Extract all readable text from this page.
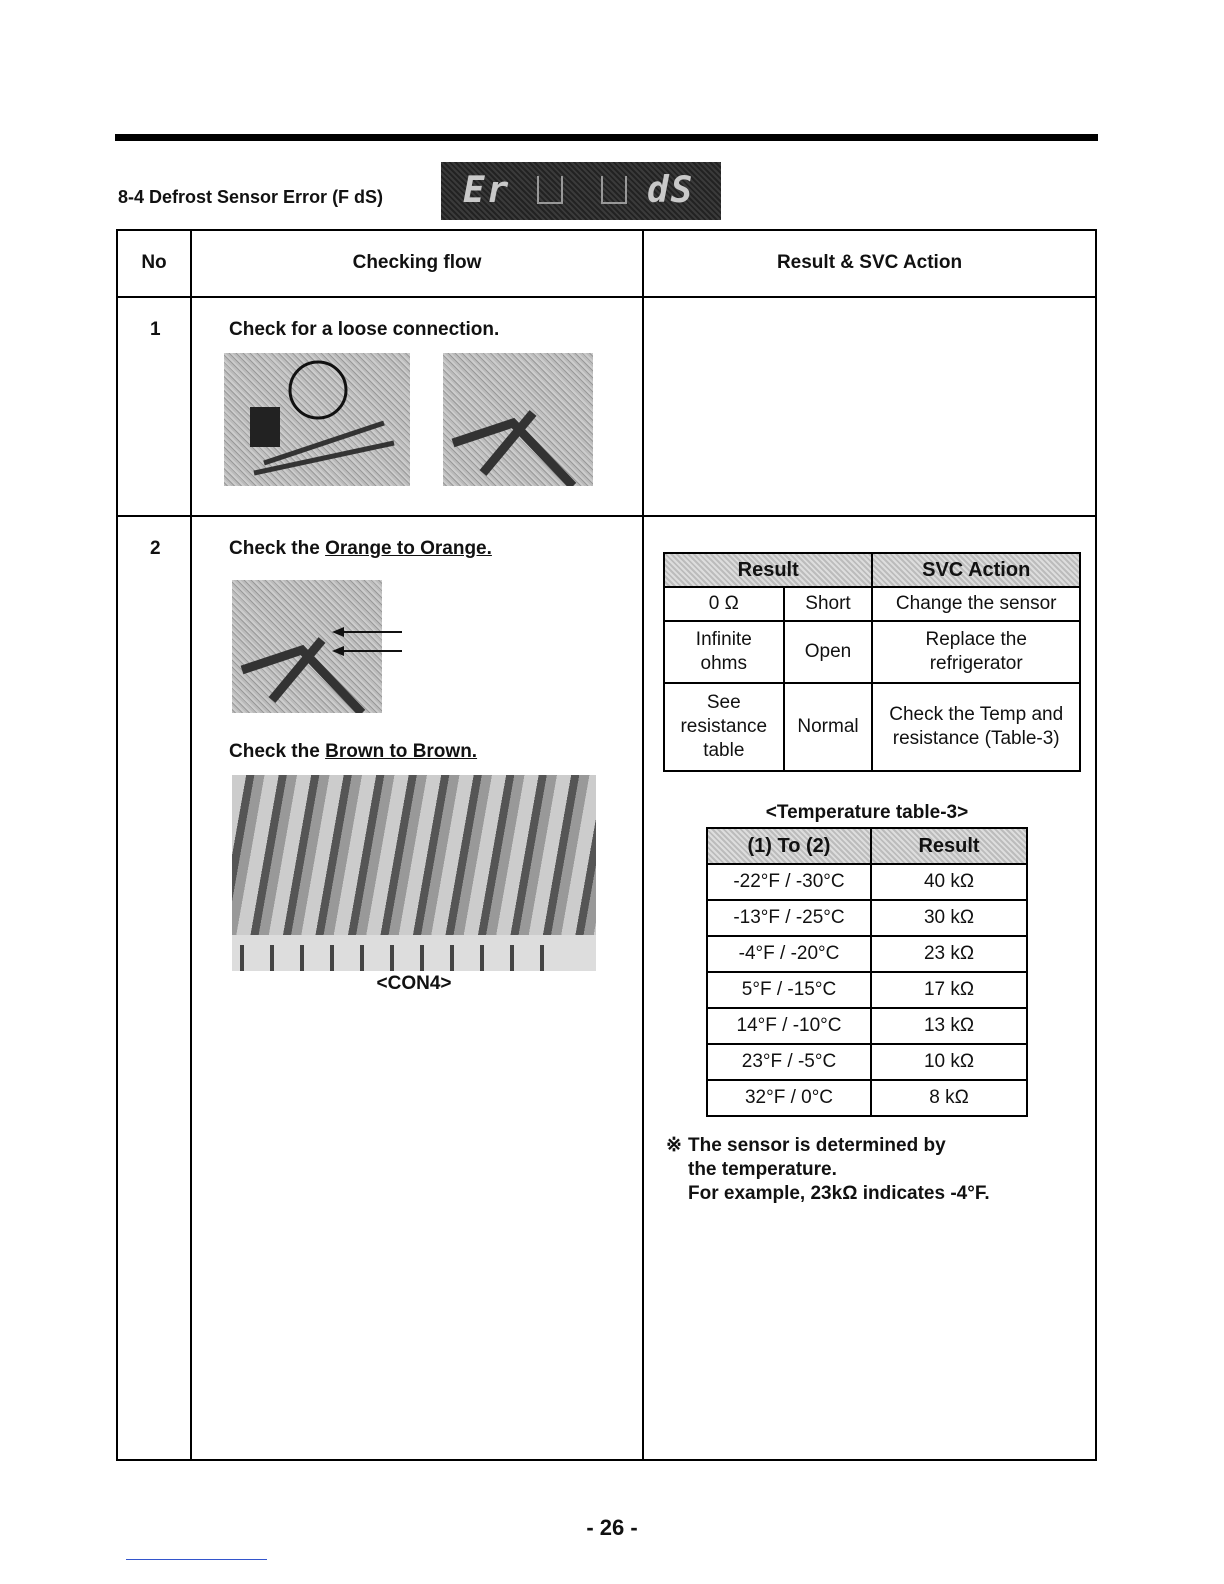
8-4 Defrost Sensor Error (F dS) Er	dS
No	Checking flow	Result & SVC Action
1	Check for a loose connection.
2	Check the Orange to Orange.
Check the Brown to Brown.
<CON4>
Result		SVC Action
0 Ω	Short	Change the sensor
Infinite
ohms	Open	Replace the
refrigerator
See
resistance
table	Normal	Check the Temp and
resistance (Table-3)
<Temperature table-3>
(1) To (2)	Result
-22°F / -30°C	40 kΩ
-13°F / -25°C	30 kΩ
-4°F / -20°C	23 kΩ
5°F / -15°C	17 kΩ
14°F / -10°C	13 kΩ
23°F / -5°C	10 kΩ
32°F / 0°C	8 kΩ
※ The sensor is determined by
the temperature.
For example, 23kΩ indicates -4°F.
- 26 -
